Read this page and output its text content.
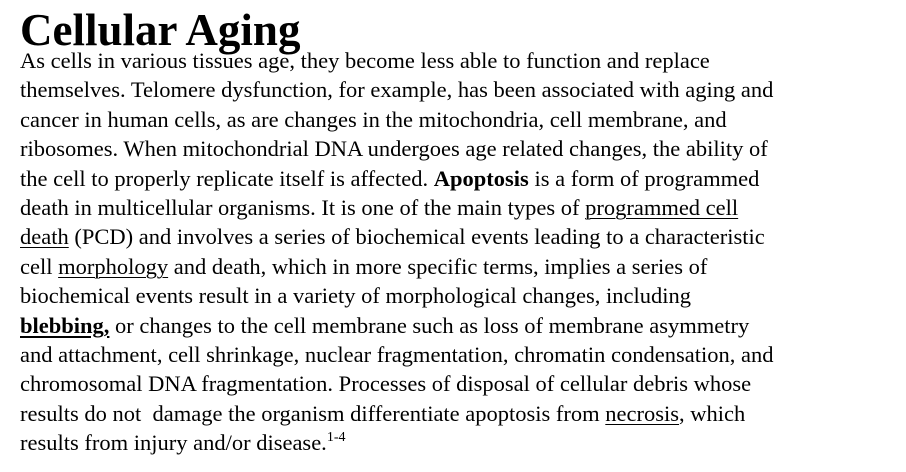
Cellular Aging

As cells in various tissues age, they become less able to function and replace
themselves. Telomere dysfunction, for example, has been associated with aging and
cancer in human cells, as are changes in the mitochondria, cell membrane, and
ribosomes. When mitochondrial DNA undergoes age related changes, the ability of
the cell to properly replicate itself is affected. Apoptosis is a form of programmed
death in multicellular organisms. It is one of the main types of programmed cell
death (PCD) and involves a series of biochemical events leading to a characteristic
cell morphology and death, which in more specific terms, implies a series of
biochemical events result in a variety of morphological changes, including
blebbing, or changes to the cell membrane such as loss of membrane asymmetry
and attachment, cell shrinkage, nuclear fragmentation, chromatin condensation, and
chromosomal DNA fragmentation. Processes of disposal of cellular debris whose
results do not  damage the organism differentiate apoptosis from necrosis, which
results from injury and/or disease.$^{1-4}$
